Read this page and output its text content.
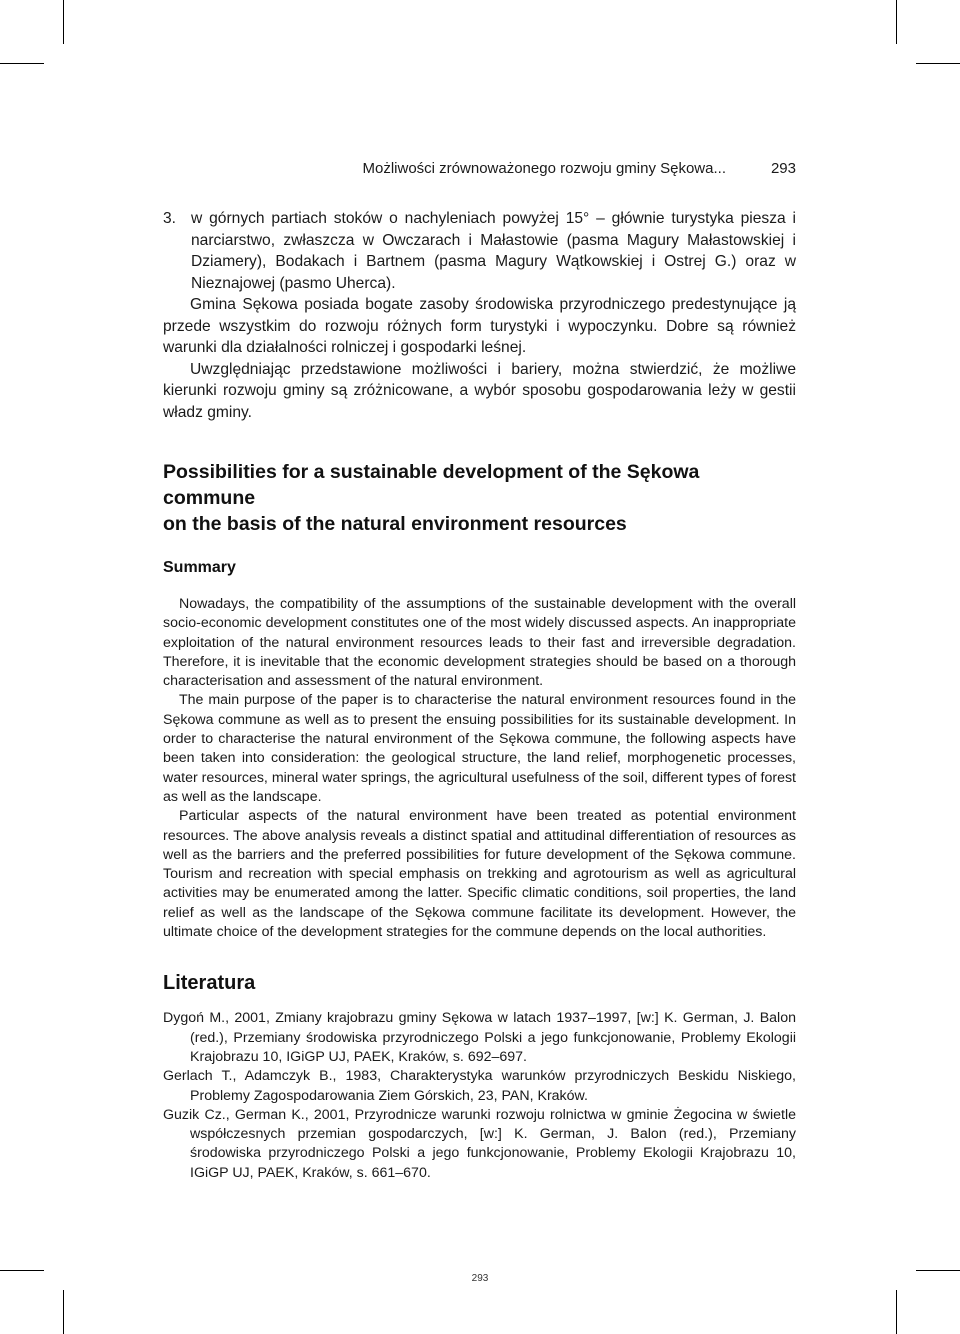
Możliwości zrównoważonego rozwoju gminy Sękowa...	293
3. w górnych partiach stoków o nachyleniach powyżej 15° – głównie turystyka piesza i narciarstwo, zwłaszcza w Owczarach i Małastowie (pasma Magury Małastowskiej i Dziamery), Bodakach i Bartnem (pasma Magury Wątkowskiej i Ostrej G.) oraz w Nieznajowej (pasmo Uherca).

Gmina Sękowa posiada bogate zasoby środowiska przyrodniczego predestynujące ją przede wszystkim do rozwoju różnych form turystyki i wypoczynku. Dobre są również warunki dla działalności rolniczej i gospodarki leśnej.

Uwzględniając przedstawione możliwości i bariery, można stwierdzić, że możliwe kierunki rozwoju gminy są zróżnicowane, a wybór sposobu gospodarowania leży w gestii władz gminy.

Possibilities for a sustainable development of the Sękowa commune
on the basis of the natural environment resources
Summary

Nowadays, the compatibility of the assumptions of the sustainable development with the overall socio-economic development constitutes one of the most widely discussed aspects. An inappropriate exploitation of the natural environment resources leads to their fast and irreversible degradation. Therefore, it is inevitable that the economic development strategies should be based on a thorough characterisation and assessment of the natural environment.

The main purpose of the paper is to characterise the natural environment resources found in the Sękowa commune as well as to present the ensuing possibilities for its sustainable development. In order to characterise the natural environment of the Sękowa commune, the following aspects have been taken into consideration: the geological structure, the land relief, morphogenetic processes, water resources, mineral water springs, the agricultural usefulness of the soil, different types of forest as well as the landscape.

Particular aspects of the natural environment have been treated as potential environment resources. The above analysis reveals a distinct spatial and attitudinal differentiation of resources as well as the barriers and the preferred possibilities for future development of the Sękowa commune. Tourism and recreation with special emphasis on trekking and agrotourism as well as agricultural activities may be enumerated among the latter. Specific climatic conditions, soil properties, the land relief as well as the landscape of the Sękowa commune facilitate its development. However, the ultimate choice of the development strategies for the commune depends on the local authorities.

Literatura

Dygoń M., 2001, Zmiany krajobrazu gminy Sękowa w latach 1937–1997, [w:] K. German, J. Balon (red.), Przemiany środowiska przyrodniczego Polski a jego funkcjonowanie, Problemy Ekologii Krajobrazu 10, IGiGP UJ, PAEK, Kraków, s. 692–697.

Gerlach T., Adamczyk B., 1983, Charakterystyka warunków przyrodniczych Beskidu Niskiego, Problemy Zagospodarowania Ziem Górskich, 23, PAN, Kraków.

Guzik Cz., German K., 2001, Przyrodnicze warunki rozwoju rolnictwa w gminie Żegocina w świetle współczesnych przemian gospodarczych, [w:] K. German, J. Balon (red.), Przemiany środowiska przyrodniczego Polski a jego funkcjonowanie, Problemy Ekologii Krajobrazu 10, IGiGP UJ, PAEK, Kraków, s. 661–670.

293
